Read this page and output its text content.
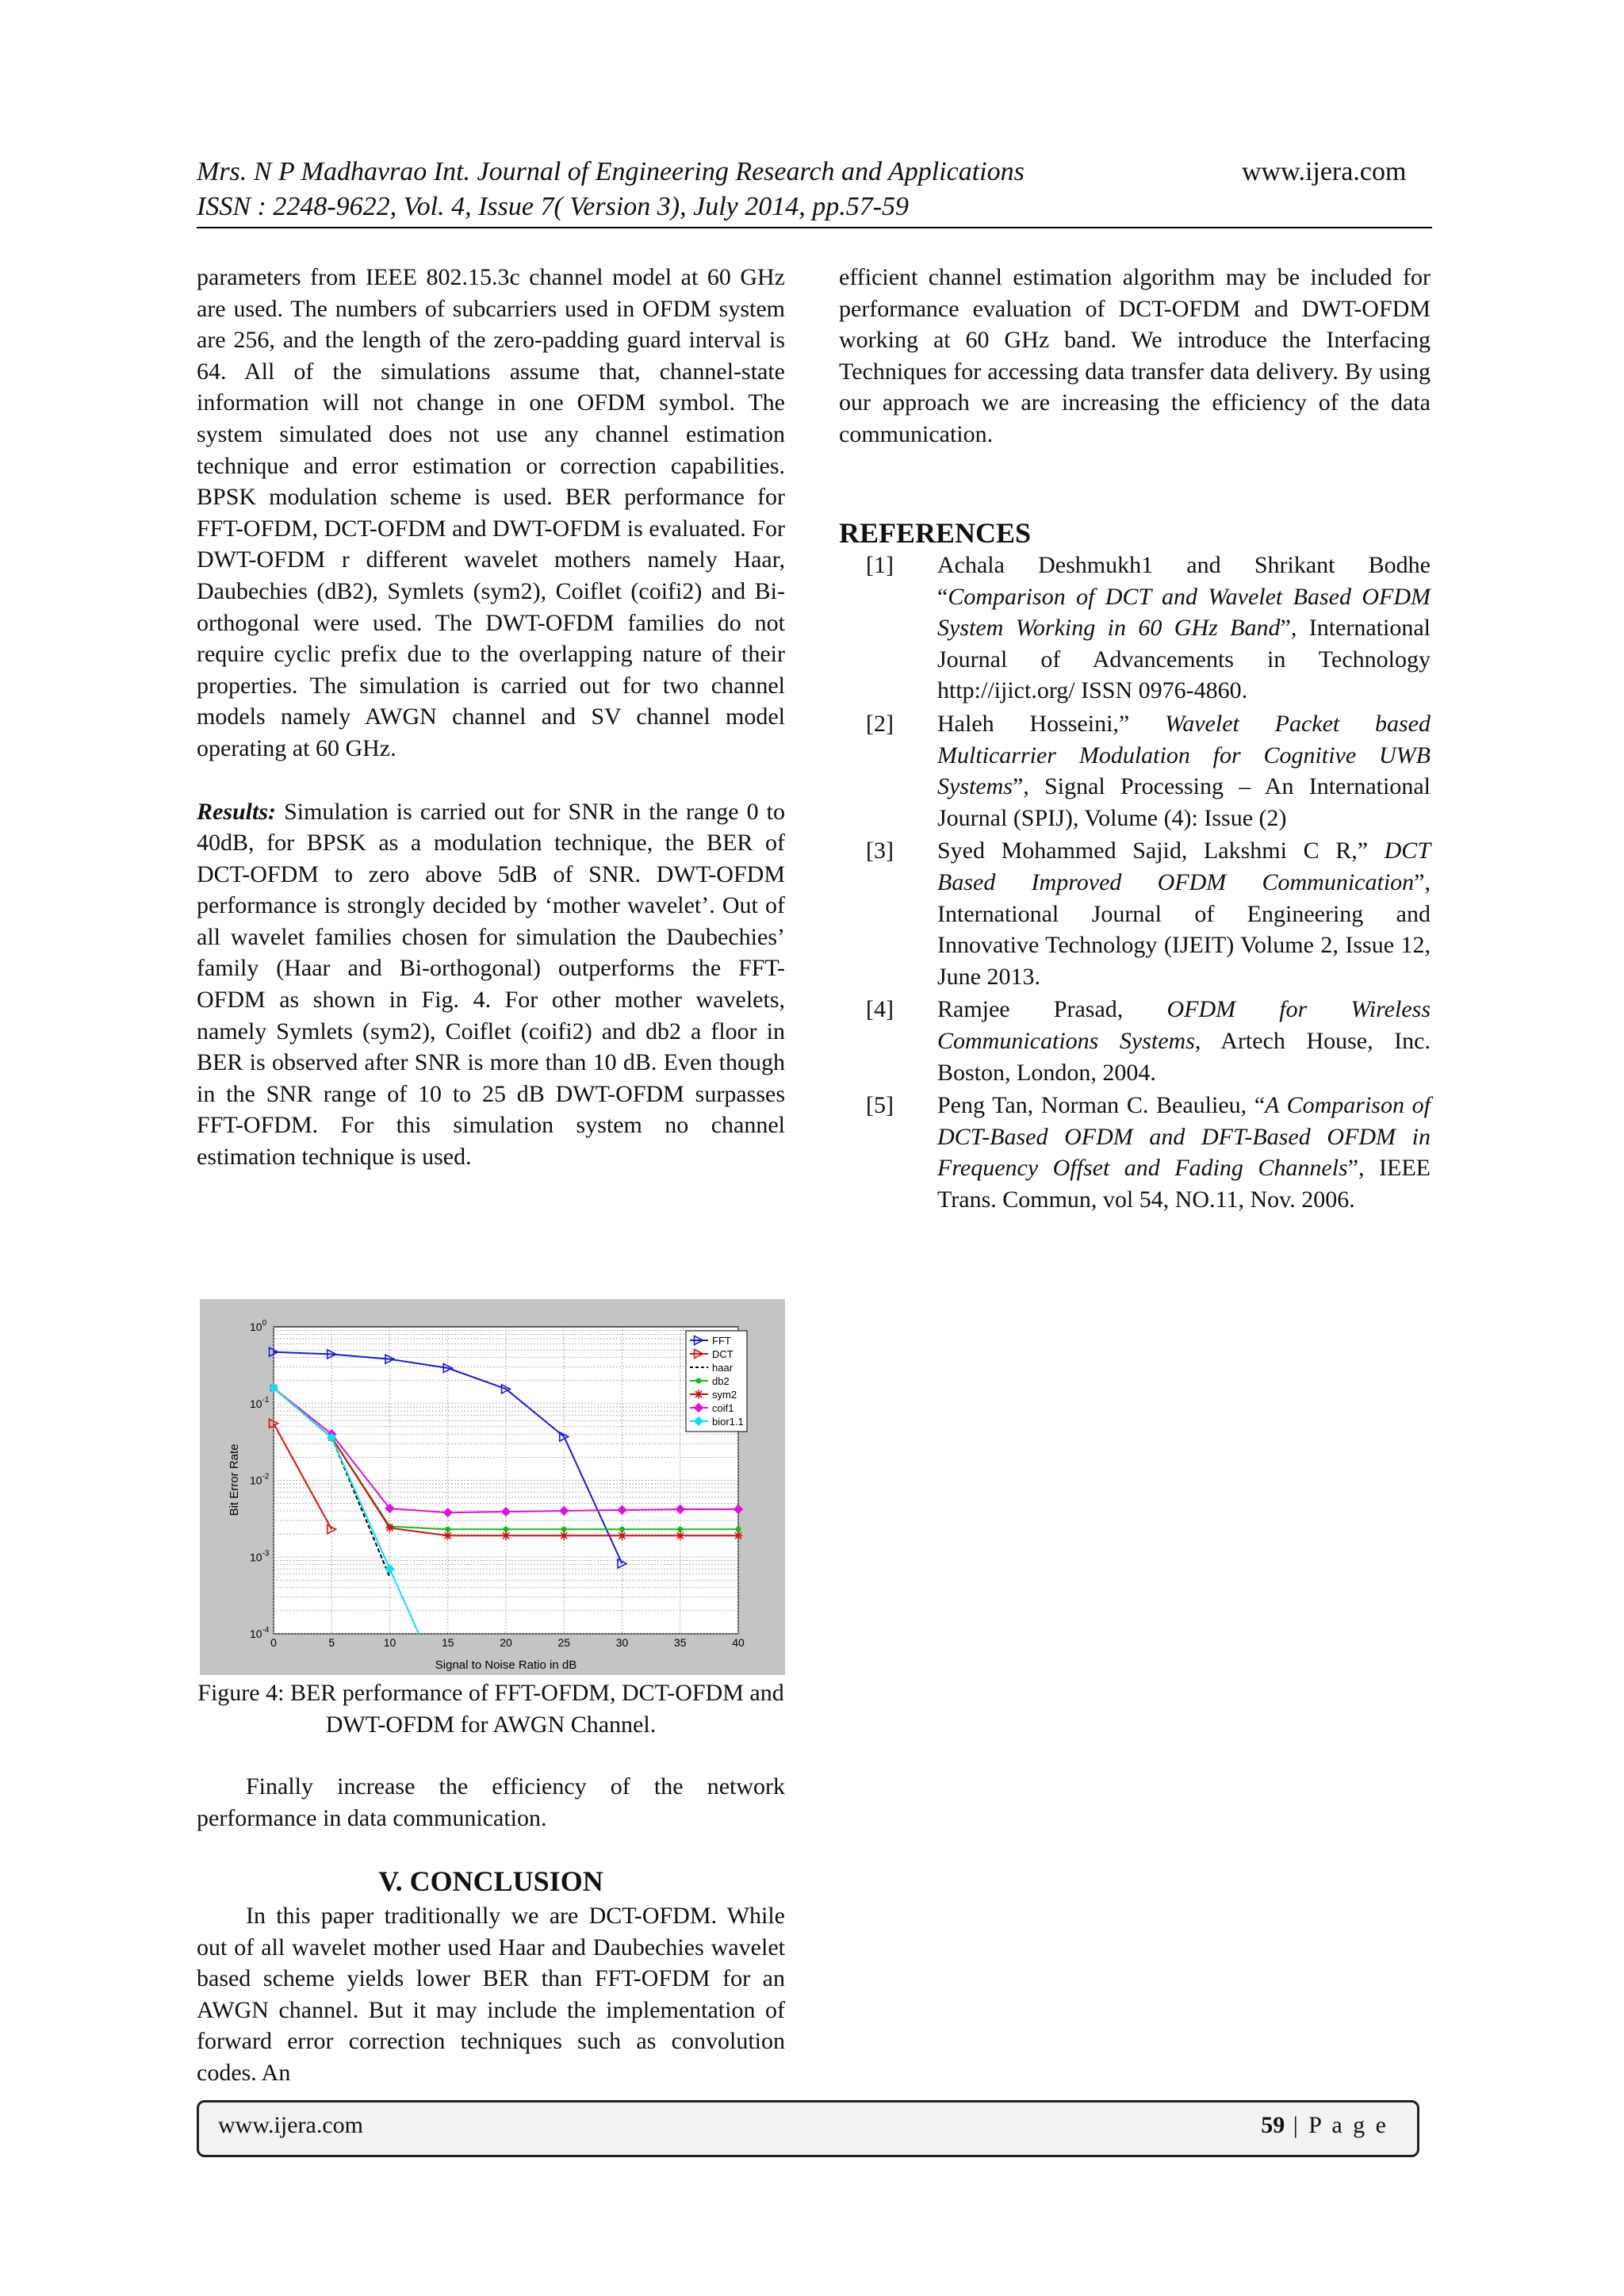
Mrs. N P Madhavrao Int. Journal of Engineering Research and Applications
ISSN : 2248-9622, Vol. 4, Issue 7( Version 3), July 2014, pp.57-59
www.ijera.com

parameters from IEEE 802.15.3c channel model at 60 GHz are used. The numbers of subcarriers used in OFDM system are 256, and the length of the zero-padding guard interval is 64. All of the simulations assume that, channel-state information will not change in one OFDM symbol. The system simulated does not use any channel estimation technique and error estimation or correction capabilities. BPSK modulation scheme is used. BER performance for FFT-OFDM, DCT-OFDM and DWT-OFDM is evaluated. For DWT-OFDM r different wavelet mothers namely Haar, Daubechies (dB2), Symlets (sym2), Coiflet (coifi2) and Bi-orthogonal were used. The DWT-OFDM families do not require cyclic prefix due to the overlapping nature of their properties. The simulation is carried out for two channel models namely AWGN channel and SV channel model operating at 60 GHz.

Results: Simulation is carried out for SNR in the range 0 to 40dB, for BPSK as a modulation technique, the BER of DCT-OFDM to zero above 5dB of SNR. DWT-OFDM performance is strongly decided by ‘mother wavelet’. Out of all wavelet families chosen for simulation the Daubechies’ family (Haar and Bi-orthogonal) outperforms the FFT-OFDM as shown in Fig. 4. For other mother wavelets, namely Symlets (sym2), Coiflet (coifi2) and db2 a floor in BER is observed after SNR is more than 10 dB. Even though in the SNR range of 10 to 25 dB DWT-OFDM surpasses FFT-OFDM. For this simulation system no channel estimation technique is used.

0	5	10	15	20	25	30	35	40
$10^0$
$10^{-1}$
$10^{-2}$
$10^{-3}$
$10^{-4}$
Signal to Noise Ratio in dB
Bit Error Rate
FFT
DCT
haar
db2
sym2
coif1
bior1.1
Figure 4: BER performance of FFT-OFDM, DCT-OFDM and DWT-OFDM for AWGN Channel.
Finally increase the efficiency of the network performance in data communication.
V. CONCLUSION
In this paper traditionally we are DCT-OFDM. While out of all wavelet mother used Haar and Daubechies wavelet based scheme yields lower BER than FFT-OFDM for an AWGN channel. But it may include the implementation of forward error correction techniques such as convolution codes. An

efficient channel estimation algorithm may be included for performance evaluation of DCT-OFDM and DWT-OFDM working at 60 GHz band. We introduce the Interfacing Techniques for accessing data transfer data delivery. By using our approach we are increasing the efficiency of the data communication.

REFERENCES
[1]	Achala Deshmukh1 and Shrikant Bodhe “Comparison of DCT and Wavelet Based OFDM System Working in 60 GHz Band”, International Journal of Advancements in Technology http://ijict.org/ ISSN 0976-4860.
[2]	Haleh Hosseini,” Wavelet Packet based Multicarrier Modulation for Cognitive UWB Systems”, Signal Processing – An International Journal (SPIJ), Volume (4): Issue (2)
[3]	Syed Mohammed Sajid, Lakshmi C R,” DCT Based Improved OFDM Communication”, International Journal of Engineering and Innovative Technology (IJEIT) Volume 2, Issue 12, June 2013.
[4]	Ramjee Prasad, OFDM for Wireless Communications Systems, Artech House, Inc. Boston, London, 2004.
[5]	Peng Tan, Norman C. Beaulieu, “A Comparison of DCT-Based OFDM and DFT-Based OFDM in Frequency Offset and Fading Channels”, IEEE Trans. Commun, vol 54, NO.11, Nov. 2006.
www.ijera.com	59 | P a g e
